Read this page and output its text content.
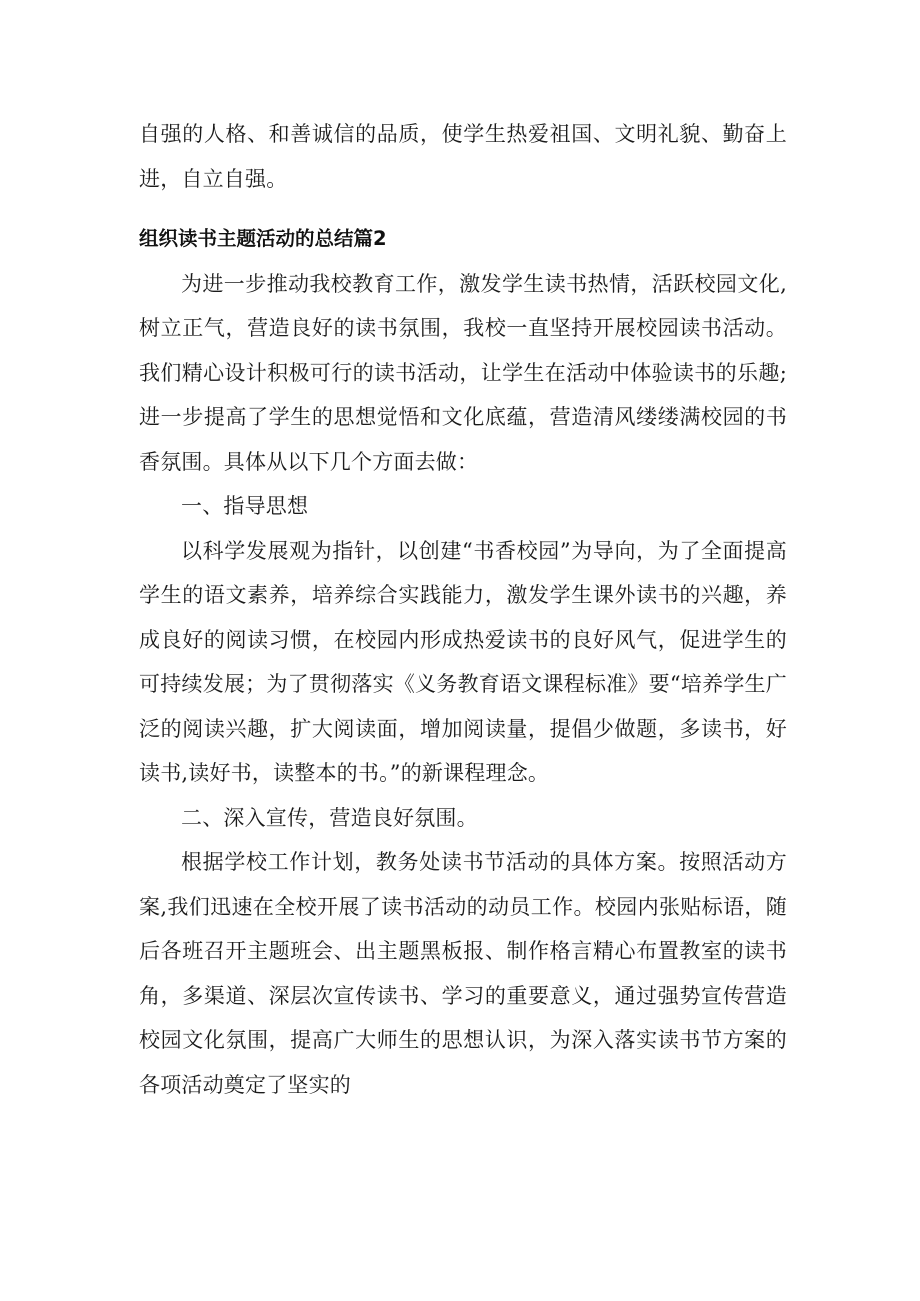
自强的人格、和善诚信的品质，使学生热爱祖国、文明礼貌、勤奋上进，自立自强。

组织读书主题活动的总结篇2

为进一步推动我校教育工作，激发学生读书热情，活跃校园文化,树立正气，营造良好的读书氛围，我校一直坚持开展校园读书活动。我们精心设计积极可行的读书活动，让学生在活动中体验读书的乐趣;进一步提高了学生的思想觉悟和文化底蕴，营造清风缕缕满校园的书香氛围。具体从以下几个方面去做：

一、指导思想

以科学发展观为指针，以创建“书香校园”为导向，为了全面提高学生的语文素养，培养综合实践能力，激发学生课外读书的兴趣，养成良好的阅读习惯，在校园内形成热爱读书的良好风气，促进学生的可持续发展；为了贯彻落实《义务教育语文课程标准》要“培养学生广泛的阅读兴趣，扩大阅读面，增加阅读量，提倡少做题，多读书，好读书,读好书，读整本的书。”的新课程理念。

二、深入宣传，营造良好氛围。

根据学校工作计划，教务处读书节活动的具体方案。按照活动方案,我们迅速在全校开展了读书活动的动员工作。校园内张贴标语，随后各班召开主题班会、出主题黑板报、制作格言精心布置教室的读书角，多渠道、深层次宣传读书、学习的重要意义，通过强势宣传营造校园文化氛围，提高广大师生的思想认识，为深入落实读书节方案的各项活动奠定了坚实的
